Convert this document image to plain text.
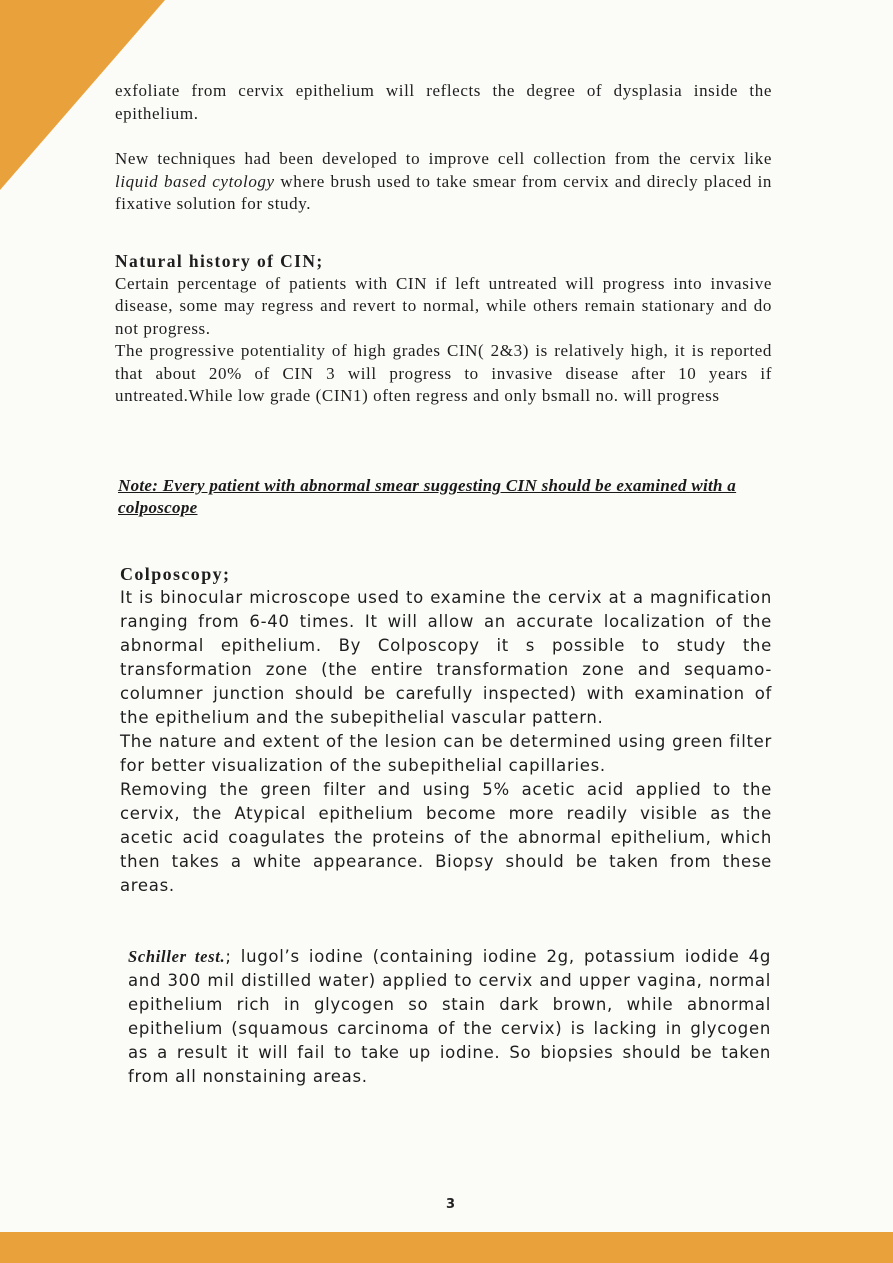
exfoliate from cervix epithelium will reflects the degree of dysplasia inside the epithelium.

New techniques had been developed to improve cell collection from the cervix like liquid based cytology where brush used to take smear from cervix and direcly placed in fixative solution for study.

Natural history of CIN;

Certain percentage of patients with CIN if left untreated will progress into invasive disease, some may regress and revert to normal, while others remain stationary and do not progress.

The progressive potentiality of high grades CIN( 2&3) is relatively high, it is reported that about 20% of CIN 3 will progress to invasive disease after 10 years if untreated.While low grade (CIN1) often regress and only bsmall no. will progress

Note: Every patient with abnormal smear suggesting CIN should be examined with a colposcope

Colposcopy;

It is binocular microscope used to examine the cervix at a magnification ranging from 6-40 times. It will allow an accurate localization of the abnormal epithelium. By Colposcopy it s possible to study the transformation zone (the entire transformation zone and sequamo-columner junction should be carefully inspected) with examination of the epithelium and the subepithelial vascular pattern.

The nature and extent of the lesion can be determined using green filter for better visualization of the subepithelial capillaries.

Removing the green filter and using 5% acetic acid applied to the cervix, the Atypical epithelium become more readily visible as the acetic acid coagulates the proteins of the abnormal epithelium, which then takes a white appearance. Biopsy should be taken from these areas.

Schiller test.; lugol’s iodine (containing iodine 2g, potassium iodide 4g and 300 mil distilled water) applied to cervix and upper vagina, normal epithelium rich in glycogen so stain dark brown, while abnormal epithelium (squamous carcinoma of the cervix) is lacking in glycogen as a result it will fail to take up iodine. So biopsies should be taken from all nonstaining areas.

3
